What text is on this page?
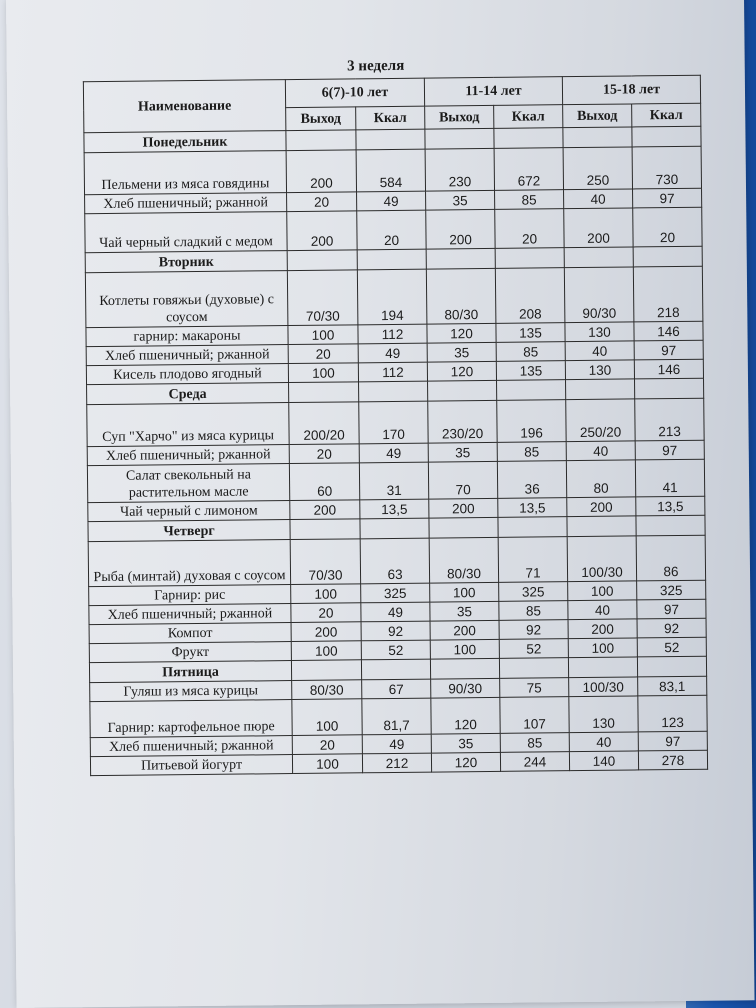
3 неделя
Наименование	6(7)-10 лет		11-14 лет		15-18 лет	
	Выход	Ккал	Выход	Ккал	Выход	Ккал
Понедельник						
Пельмени из мяса говядины	200	584	230	672	250	730
Хлеб пшеничный; ржанной	20	49	35	85	40	97
Чай черный сладкий с медом	200	20	200	20	200	20
Вторник						
Котлеты говяжьи (духовые) с соусом	70/30	194	80/30	208	90/30	218
гарнир: макароны	100	112	120	135	130	146
Хлеб пшеничный; ржанной	20	49	35	85	40	97
Кисель плодово ягодный	100	112	120	135	130	146
Среда						
Суп "Харчо" из мяса курицы	200/20	170	230/20	196	250/20	213
Хлеб пшеничный; ржанной	20	49	35	85	40	97
Салат свекольный на растительном масле	60	31	70	36	80	41
Чай черный с лимоном	200	13,5	200	13,5	200	13,5
Четверг						
Рыба (минтай) духовая с соусом	70/30	63	80/30	71	100/30	86
Гарнир: рис	100	325	100	325	100	325
Хлеб пшеничный; ржанной	20	49	35	85	40	97
Компот	200	92	200	92	200	92
Фрукт	100	52	100	52	100	52
Пятница						
Гуляш из мяса курицы	80/30	67	90/30	75	100/30	83,1
Гарнир: картофельное пюре	100	81,7	120	107	130	123
Хлеб пшеничный; ржанной	20	49	35	85	40	97
Питьевой йогурт	100	212	120	244	140	278
